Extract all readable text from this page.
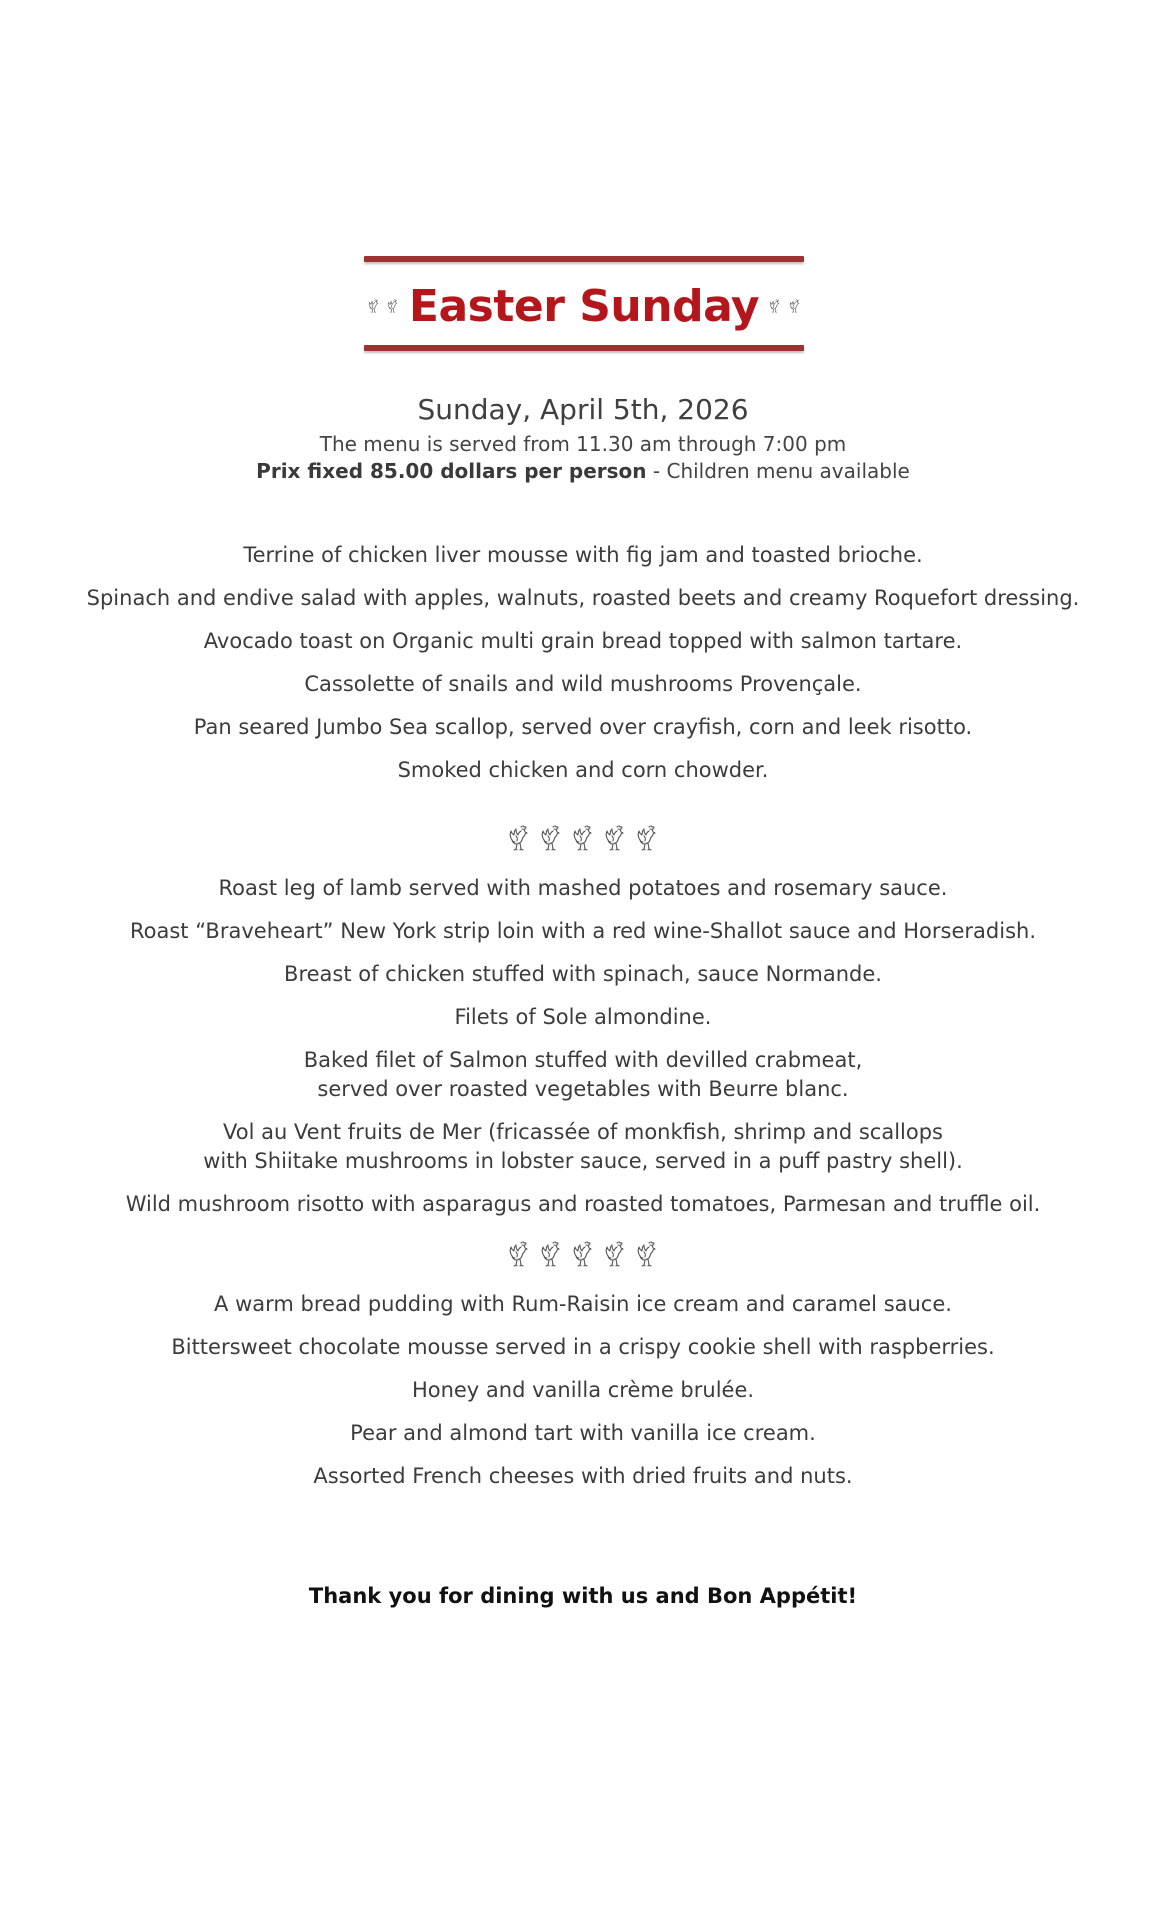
Easter Sunday
Sunday, April 5th, 2026
The menu is served from 11.30 am through 7:00 pm
Prix fixed 85.00 dollars per person - Children menu available
Terrine of chicken liver mousse with fig jam and toasted brioche.
Spinach and endive salad with apples, walnuts, roasted beets and creamy Roquefort dressing.
Avocado toast on Organic multi grain bread topped with salmon tartare.
Cassolette of snails and wild mushrooms Provençale.
Pan seared Jumbo Sea scallop, served over crayfish, corn and leek risotto.
Smoked chicken and corn chowder.
Roast leg of lamb served with mashed potatoes and rosemary sauce.
Roast “Braveheart” New York strip loin with a red wine-Shallot sauce and Horseradish.
Breast of chicken stuffed with spinach, sauce Normande.
Filets of Sole almondine.
Baked filet of Salmon stuffed with devilled crabmeat,
served over roasted vegetables with Beurre blanc.
Vol au Vent fruits de Mer (fricassée of monkfish, shrimp and scallops
with Shiitake mushrooms in lobster sauce, served in a puff pastry shell).
Wild mushroom risotto with asparagus and roasted tomatoes, Parmesan and truffle oil.
A warm bread pudding with Rum-Raisin ice cream and caramel sauce.
Bittersweet chocolate mousse served in a crispy cookie shell with raspberries.
Honey and vanilla crème brulée.
Pear and almond tart with vanilla ice cream.
Assorted French cheeses with dried fruits and nuts.
Thank you for dining with us and Bon Appétit!
